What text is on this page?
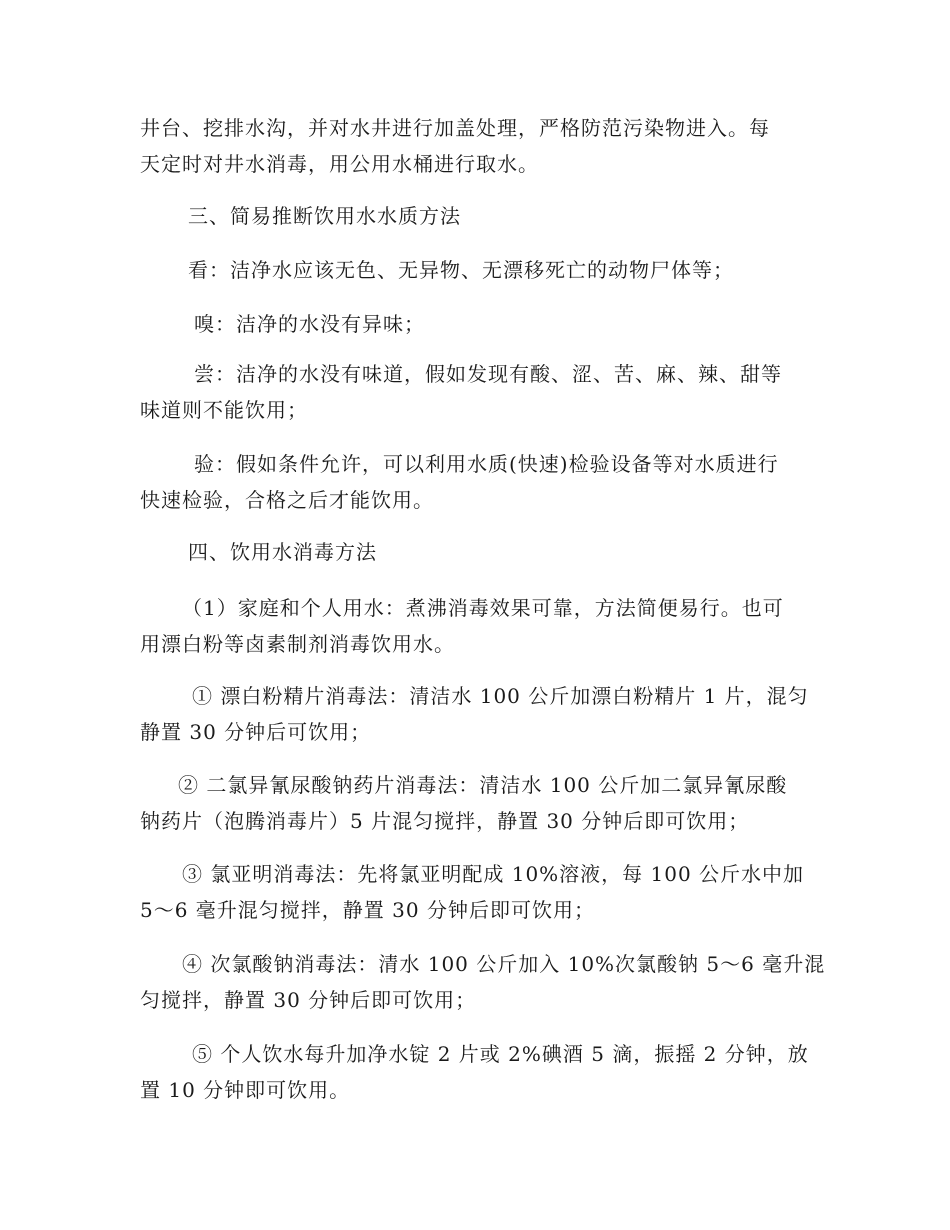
井台、挖排水沟，并对水井进行加盖处理，严格防范污染物进入。每
天定时对井水消毒，用公用水桶进行取水。

三、简易推断饮用水水质方法

看：洁净水应该无色、无异物、无漂移死亡的动物尸体等；

嗅：洁净的水没有异味；

尝：洁净的水没有味道，假如发现有酸、涩、苦、麻、辣、甜等
味道则不能饮用；

验：假如条件允许，可以利用水质(快速)检验设备等对水质进行
快速检验，合格之后才能饮用。

四、饮用水消毒方法

（1）家庭和个人用水：煮沸消毒效果可靠，方法简便易行。也可
用漂白粉等卤素制剂消毒饮用水。

① 漂白粉精片消毒法：清洁水 100 公斤加漂白粉精片 1 片，混匀
静置 30 分钟后可饮用；

② 二氯异氰尿酸钠药片消毒法：清洁水 100 公斤加二氯异氰尿酸
钠药片（泡腾消毒片）5 片混匀搅拌，静置 30 分钟后即可饮用；

③ 氯亚明消毒法：先将氯亚明配成 10%溶液，每 100 公斤水中加
5～6 毫升混匀搅拌，静置 30 分钟后即可饮用；

④ 次氯酸钠消毒法：清水 100 公斤加入 10%次氯酸钠 5～6 毫升混
匀搅拌，静置 30 分钟后即可饮用；

⑤ 个人饮水每升加净水锭 2 片或 2%碘酒 5 滴，振摇 2 分钟，放
置 10 分钟即可饮用。
